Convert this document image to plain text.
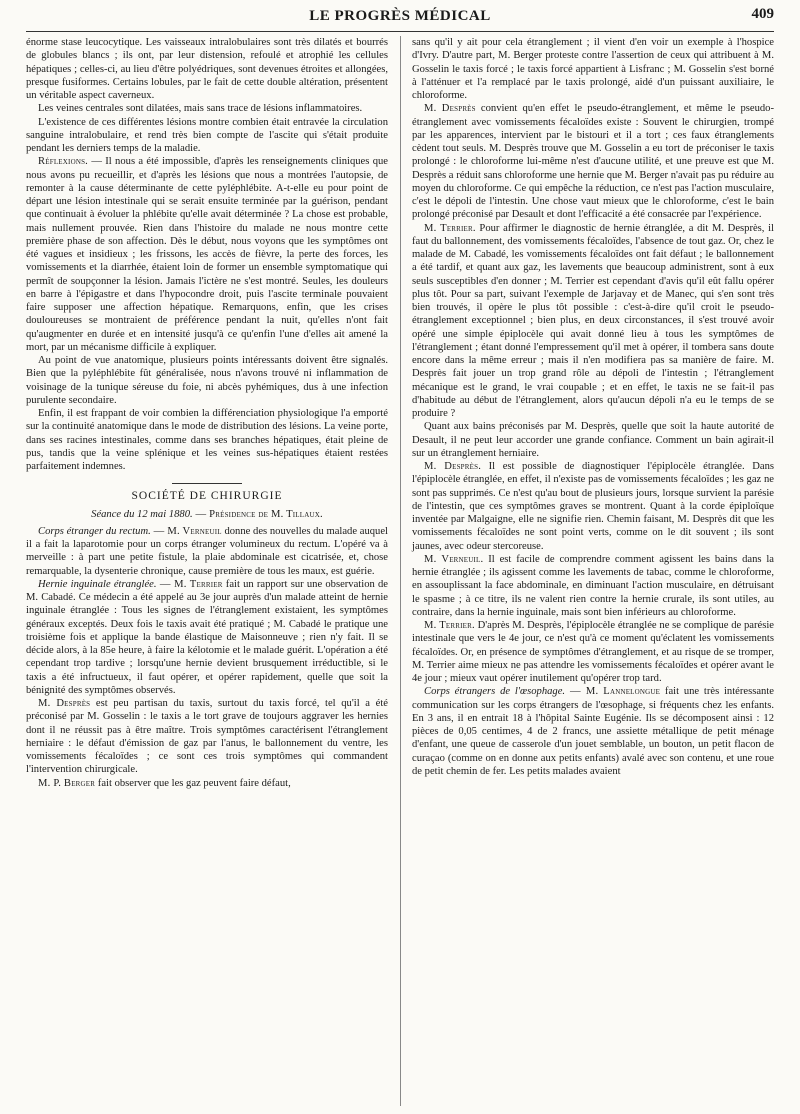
LE PROGRÈS MÉDICAL	409

énorme stase leucocytique. Les vaisseaux intralobulaires sont très dilatés et bourrés de globules blancs ; ils ont, par leur distension, refoulé et atrophié les cellules hépatiques ; celles-ci, au lieu d'être polyédriques, sont devenues étroites et allongées, presque fusiformes. Certains lobules, par le fait de cette double altération, présentent un véritable aspect caverneux.

Les veines centrales sont dilatées, mais sans trace de lésions inflammatoires.

L'existence de ces différentes lésions montre combien était entravée la circulation sanguine intralobulaire, et rend très bien compte de l'ascite qui s'était produite pendant les derniers temps de la maladie.

Réflexions. — Il nous a été impossible, d'après les renseignements cliniques que nous avons pu recueillir, et d'après les lésions que nous a montrées l'autopsie, de remonter à la cause déterminante de cette pyléphlébite. A-t-elle eu pour point de départ une lésion intestinale qui se serait ensuite terminée par la guérison, pendant que continuait à évoluer la phlébite qu'elle avait déterminée ? La chose est probable, mais nullement prouvée. Rien dans l'histoire du malade ne nous montre cette première phase de son affection. Dès le début, nous voyons que les symptômes ont été vagues et insidieux ; les frissons, les accès de fièvre, la perte des forces, les vomissements et la diarrhée, étaient loin de former un ensemble symptomatique qui permît de soupçonner la lésion. Jamais l'ictère ne s'est montré. Seules, les douleurs en barre à l'épigastre et dans l'hypocondre droit, puis l'ascite terminale pouvaient faire supposer une affection hépatique. Remarquons, enfin, que les crises douloureuses se montraient de préférence pendant la nuit, qu'elles n'ont fait qu'augmenter en durée et en intensité jusqu'à ce qu'enfin l'une d'elles ait amené la mort, par un mécanisme difficile à expliquer.

Au point de vue anatomique, plusieurs points intéressants doivent être signalés. Bien que la pyléphlébite fût généralisée, nous n'avons trouvé ni inflammation de voisinage de la tunique séreuse du foie, ni abcès pyhémiques, dus à une infection purulente secondaire.

Enfin, il est frappant de voir combien la différenciation physiologique l'a emporté sur la continuité anatomique dans le mode de distribution des lésions. La veine porte, dans ses racines intestinales, comme dans ses branches hépatiques, était pleine de pus, tandis que la veine splénique et les veines sus-hépatiques étaient restées parfaitement indemnes.

SOCIÉTÉ DE CHIRURGIE
Séance du 12 mai 1880. — Présidence de M. Tillaux.

Corps étranger du rectum. — M. Verneuil donne des nouvelles du malade auquel il a fait la laparotomie pour un corps étranger volumineux du rectum. L'opéré va à merveille : à part une petite fistule, la plaie abdominale est cicatrisée, et, chose remarquable, la dysenterie chronique, cause première de tous les maux, est guérie.

Hernie inguinale étranglée. — M. Terrier fait un rapport sur une observation de M. Cabadé. Ce médecin a été appelé au 3e jour auprès d'un malade atteint de hernie inguinale étranglée : Tous les signes de l'étranglement existaient, les symptômes généraux exceptés. Deux fois le taxis avait été pratiqué ; M. Cabadé le pratique une troisième fois et applique la bande élastique de Maisonneuve ; rien n'y fait. Il se décide alors, à la 85e heure, à faire la kélotomie et le malade guérit. L'opération a été cependant trop tardive ; lorsqu'une hernie devient brusquement irréductible, si le taxis a été infructueux, il faut opérer, et opérer rapidement, quelle que soit la bénignité des symptômes observés.

M. Desprès est peu partisan du taxis, surtout du taxis forcé, tel qu'il a été préconisé par M. Gosselin : le taxis a le tort grave de toujours aggraver les hernies dont il ne réussit pas à être maître. Trois symptômes caractérisent l'étranglement herniaire : le défaut d'émission de gaz par l'anus, le ballonnement du ventre, les vomissements fécaloïdes ; ce sont ces trois symptômes qui commandent l'intervention chirurgicale.

M. P. Berger fait observer que les gaz peuvent faire défaut,

sans qu'il y ait pour cela étranglement ; il vient d'en voir un exemple à l'hospice d'Ivry. D'autre part, M. Berger proteste contre l'assertion de ceux qui attribuent à M. Gosselin le taxis forcé ; le taxis forcé appartient à Lisfranc ; M. Gosselin s'est borné à l'atténuer et l'a remplacé par le taxis prolongé, aidé d'un puissant auxiliaire, le chloroforme.

M. Desprès convient qu'en effet le pseudo-étranglement, et même le pseudo-étranglement avec vomissements fécaloïdes existe : Souvent le chirurgien, trompé par les apparences, intervient par le bistouri et il a tort ; ces faux étranglements cèdent tout seuls. M. Desprès trouve que M. Gosselin a eu tort de préconiser le taxis prolongé : le chloroforme lui-même n'est d'aucune utilité, et une preuve est que M. Desprès a réduit sans chloroforme une hernie que M. Berger n'avait pas pu réduire au moyen du chloroforme. Ce qui empêche la réduction, ce n'est pas l'action musculaire, c'est le dépoli de l'intestin. Une chose vaut mieux que le chloroforme, c'est le bain prolongé préconisé par Desault et dont l'efficacité a été consacrée par l'expérience.

M. Terrier. Pour affirmer le diagnostic de hernie étranglée, a dit M. Desprès, il faut du ballonnement, des vomissements fécaloïdes, l'absence de tout gaz. Or, chez le malade de M. Cabadé, les vomissements fécaloïdes ont fait défaut ; le ballonnement a été tardif, et quant aux gaz, les lavements que beaucoup administrent, sont à eux seuls susceptibles d'en donner ; M. Terrier est cependant d'avis qu'il eût fallu opérer plus tôt. Pour sa part, suivant l'exemple de Jarjavay et de Manec, qui s'en sont très bien trouvés, il opère le plus tôt possible : c'est-à-dire qu'il croit le pseudo-étranglement exceptionnel ; bien plus, en deux circonstances, il s'est trouvé avoir opéré une simple épiplocèle qui avait donné lieu à tous les symptômes de l'étranglement ; étant donné l'empressement qu'il met à opérer, il tombera sans doute encore dans la même erreur ; mais il n'en modifiera pas sa manière de faire. M. Desprès fait jouer un trop grand rôle au dépoli de l'intestin ; l'étranglement mécanique est le grand, le vrai coupable ; et en effet, le taxis ne se fait-il pas d'habitude au début de l'étranglement, alors qu'aucun dépoli n'a eu le temps de se produire ?

Quant aux bains préconisés par M. Desprès, quelle que soit la haute autorité de Desault, il ne peut leur accorder une grande confiance. Comment un bain agirait-il sur un étranglement herniaire.

M. Desprès. Il est possible de diagnostiquer l'épiplocèle étranglée. Dans l'épiplocèle étranglée, en effet, il n'existe pas de vomissements fécaloïdes ; les gaz ne sont pas supprimés. Ce n'est qu'au bout de plusieurs jours, lorsque survient la parésie de l'intestin, que ces symptômes graves se montrent. Quant à la corde épiploïque inventée par Malgaigne, elle ne signifie rien. Chemin faisant, M. Desprès dit que les vomissements fécaloïdes ne sont point verts, comme on le dit souvent ; ils sont jaunes, avec odeur stercoreuse.

M. Verneuil. Il est facile de comprendre comment agissent les bains dans la hernie étranglée ; ils agissent comme les lavements de tabac, comme le chloroforme, en assouplissant la face abdominale, en diminuant l'action musculaire, en détruisant le spasme ; à ce titre, ils ne valent rien contre la hernie crurale, ils sont utiles, au contraire, dans la hernie inguinale, mais sont bien inférieurs au chloroforme.

M. Terrier. D'après M. Desprès, l'épiplocèle étranglée ne se complique de parésie intestinale que vers le 4e jour, ce n'est qu'à ce moment qu'éclatent les vomissements fécaloïdes. Or, en présence de symptômes d'étranglement, et au risque de se tromper, M. Terrier aime mieux ne pas attendre les vomissements fécaloïdes et opérer avant le 4e jour ; mieux vaut opérer inutilement qu'opérer trop tard.

Corps étrangers de l'œsophage. — M. Lannelongue fait une très intéressante communication sur les corps étrangers de l'œsophage, si fréquents chez les enfants. En 3 ans, il en entrait 18 à l'hôpital Sainte Eugénie. Ils se décomposent ainsi : 12 pièces de 0,05 centimes, 4 de 2 francs, une assiette métallique de petit ménage d'enfant, une queue de casserole d'un jouet semblable, un bouton, un petit flacon de curaçao (comme on en donne aux petits enfants) avalé avec son contenu, et une roue de petit chemin de fer. Les petits malades avaient
